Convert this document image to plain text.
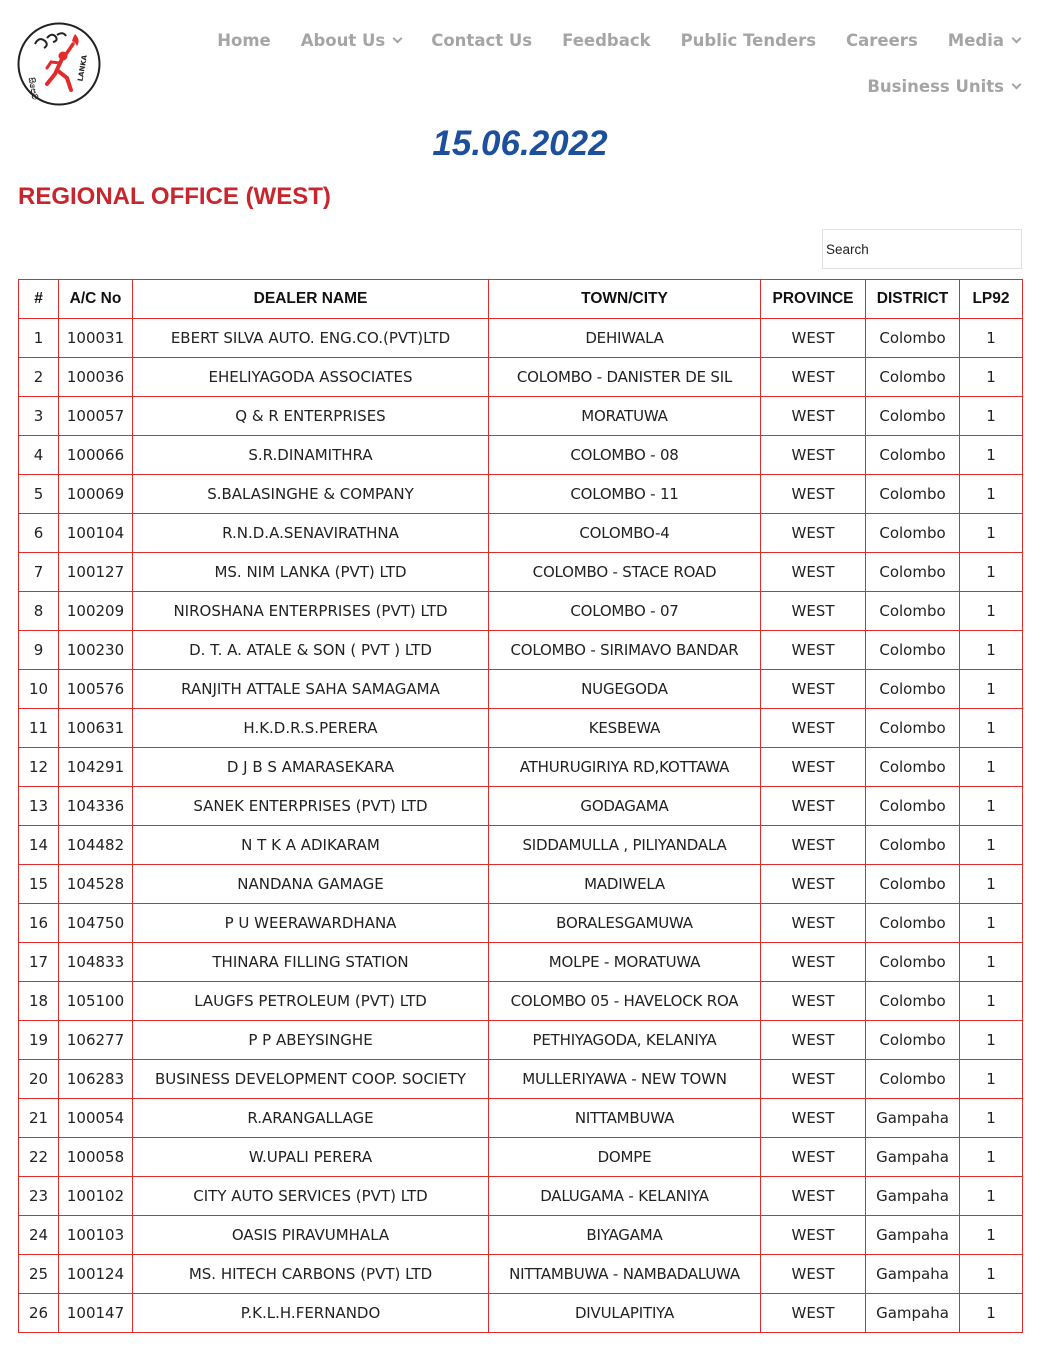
සිපෙට්
LANKA
Home About Us	Contact Us Feedback Public Tenders Careers Media
Business Units
15.06.2022
REGIONAL OFFICE (WEST)
Search
#	A/C No	DEALER NAME	TOWN/CITY	PROVINCE	DISTRICT	LP92
1	100031	EBERT SILVA AUTO. ENG.CO.(PVT)LTD	DEHIWALA	WEST	Colombo	1
2	100036	EHELIYAGODA ASSOCIATES	COLOMBO - DANISTER DE SIL	WEST	Colombo	1
3	100057	Q & R ENTERPRISES	MORATUWA	WEST	Colombo	1
4	100066	S.R.DINAMITHRA	COLOMBO - 08	WEST	Colombo	1
5	100069	S.BALASINGHE & COMPANY	COLOMBO - 11	WEST	Colombo	1
6	100104	R.N.D.A.SENAVIRATHNA	COLOMBO-4	WEST	Colombo	1
7	100127	MS. NIM LANKA (PVT) LTD	COLOMBO - STACE ROAD	WEST	Colombo	1
8	100209	NIROSHANA ENTERPRISES (PVT) LTD	COLOMBO - 07	WEST	Colombo	1
9	100230	D. T. A. ATALE & SON ( PVT ) LTD	COLOMBO - SIRIMAVO BANDAR	WEST	Colombo	1
10	100576	RANJITH ATTALE SAHA SAMAGAMA	NUGEGODA	WEST	Colombo	1
11	100631	H.K.D.R.S.PERERA	KESBEWA	WEST	Colombo	1
12	104291	D J B S AMARASEKARA	ATHURUGIRIYA RD,KOTTAWA	WEST	Colombo	1
13	104336	SANEK ENTERPRISES (PVT) LTD	GODAGAMA	WEST	Colombo	1
14	104482	N T K A ADIKARAM	SIDDAMULLA , PILIYANDALA	WEST	Colombo	1
15	104528	NANDANA GAMAGE	MADIWELA	WEST	Colombo	1
16	104750	P U WEERAWARDHANA	BORALESGAMUWA	WEST	Colombo	1
17	104833	THINARA FILLING STATION	MOLPE - MORATUWA	WEST	Colombo	1
18	105100	LAUGFS PETROLEUM (PVT) LTD	COLOMBO 05 - HAVELOCK ROA	WEST	Colombo	1
19	106277	P P ABEYSINGHE	PETHIYAGODA, KELANIYA	WEST	Colombo	1
20	106283	BUSINESS DEVELOPMENT COOP. SOCIETY	MULLERIYAWA - NEW TOWN	WEST	Colombo	1
21	100054	R.ARANGALLAGE	NITTAMBUWA	WEST	Gampaha	1
22	100058	W.UPALI PERERA	DOMPE	WEST	Gampaha	1
23	100102	CITY AUTO SERVICES (PVT) LTD	DALUGAMA - KELANIYA	WEST	Gampaha	1
24	100103	OASIS PIRAVUMHALA	BIYAGAMA	WEST	Gampaha	1
25	100124	MS. HITECH CARBONS (PVT) LTD	NITTAMBUWA - NAMBADALUWA	WEST	Gampaha	1
26	100147	P.K.L.H.FERNANDO	DIVULAPITIYA	WEST	Gampaha	1
